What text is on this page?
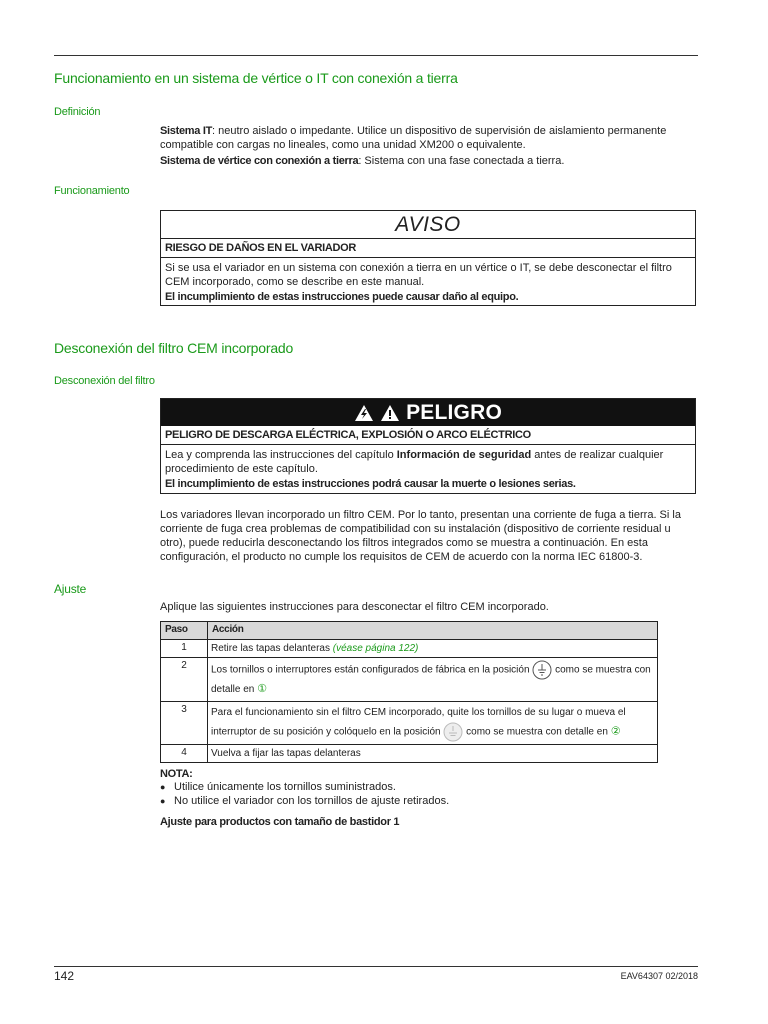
Funcionamiento en un sistema de vértice o IT con conexión a tierra
Definición
Sistema IT: neutro aislado o impedante. Utilice un dispositivo de supervisión de aislamiento permanente compatible con cargas no lineales, como una unidad XM200 o equivalente.
Sistema de vértice con conexión a tierra: Sistema con una fase conectada a tierra.
Funcionamiento
AVISO
RIESGO DE DAÑOS EN EL VARIADOR
Si se usa el variador en un sistema con conexión a tierra en un vértice o IT, se debe desconectar el filtro CEM incorporado, como se describe en este manual.
El incumplimiento de estas instrucciones puede causar daño al equipo.
Desconexión del filtro CEM incorporado
Desconexión del filtro
PELIGRO
PELIGRO DE DESCARGA ELÉCTRICA, EXPLOSIÓN O ARCO ELÉCTRICO
Lea y comprenda las instrucciones del capítulo Información de seguridad antes de realizar cualquier procedimiento de este capítulo.
El incumplimiento de estas instrucciones podrá causar la muerte o lesiones serias.
Los variadores llevan incorporado un filtro CEM. Por lo tanto, presentan una corriente de fuga a tierra. Si la corriente de fuga crea problemas de compatibilidad con su instalación (dispositivo de corriente residual u otro), puede reducirla desconectando los filtros integrados como se muestra a continuación. En esta configuración, el producto no cumple los requisitos de CEM de acuerdo con la norma IEC 61800-3.
Ajuste
Aplique las siguientes instrucciones para desconectar el filtro CEM incorporado.
Paso	Acción
1	Retire las tapas delanteras (véase página 122)
2	Los tornillos o interruptores están configurados de fábrica en la posición como se muestra con detalle en ①
3	Para el funcionamiento sin el filtro CEM incorporado, quite los tornillos de su lugar o mueva el interruptor de su posición y colóquelo en la posición como se muestra con detalle en ②
4	Vuelva a fijar las tapas delanteras
NOTA:
● Utilice únicamente los tornillos suministrados.
● No utilice el variador con los tornillos de ajuste retirados.
Ajuste para productos con tamaño de bastidor 1
142	EAV64307 02/2018
